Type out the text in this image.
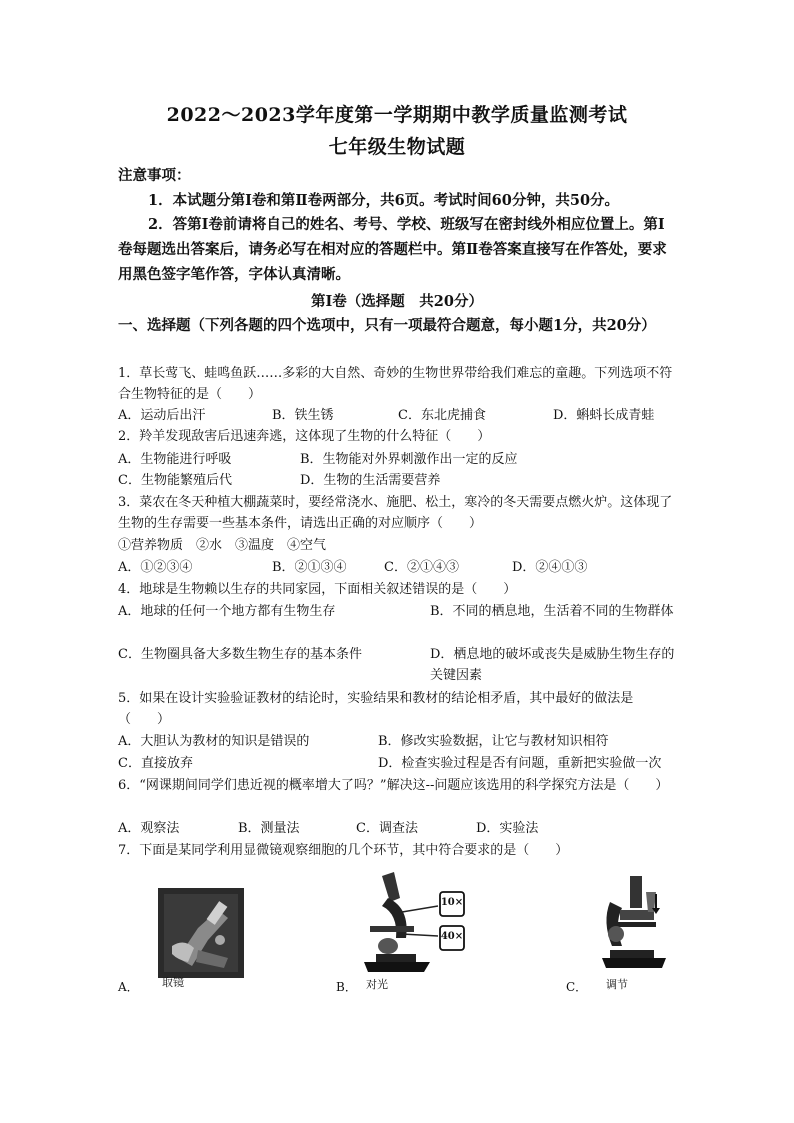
2022～2023学年度第一学期期中教学质量监测考试
七年级生物试题
注意事项：
1．本试题分第Ⅰ卷和第Ⅱ卷两部分，共6页。考试时间60分钟，共50分。
2．答第Ⅰ卷前请将自己的姓名、考号、学校、班级写在密封线外相应位置上。第Ⅰ卷每题选出答案后，请务必写在相对应的答题栏中。第Ⅱ卷答案直接写在作答处，要求用黑色签字笔作答，字体认真清晰。
第Ⅰ卷（选择题　共20分）
一、选择题（下列各题的四个选项中，只有一项最符合题意，每小题1分，共20分）
1．草长莺飞、蛙鸣鱼跃……多彩的大自然、奇妙的生物世界带给我们难忘的童趣。下列选项不符合生物特征的是（　　）
A．运动后出汗	B．铁生锈	C．东北虎捕食	D．蝌蚪长成青蛙
2．羚羊发现敌害后迅速奔逃，这体现了生物的什么特征（　　）
A．生物能进行呼吸	B．生物能对外界刺激作出一定的反应
C．生物能繁殖后代	D．生物的生活需要营养
3．菜农在冬天种植大棚蔬菜时，要经常浇水、施肥、松土，寒冷的冬天需要点燃火炉。这体现了生物的生存需要一些基本条件，请选出正确的对应顺序（　　）
①营养物质　②水　③温度　④空气
A．①②③④	B．②①③④	C．②①④③	D．②④①③
4．地球是生物赖以生存的共同家园，下面相关叙述错误的是（　　）
A．地球的任何一个地方都有生物生存	B．不同的栖息地，生活着不同的生物群体
C．生物圈具备大多数生物生存的基本条件	D．栖息地的破坏或丧失是威胁生物生存的关键因素
5．如果在设计实验验证教材的结论时，实验结果和教材的结论相矛盾，其中最好的做法是（　　）
A．大胆认为教材的知识是错误的	B．修改实验数据，让它与教材知识相符
C．直接放弃	D．检查实验过程是否有问题，重新把实验做一次
6．“网课期间同学们患近视的概率增大了吗？”解决这--问题应该选用的科学探究方法是（　　）
A．观察法	B．测量法	C．调查法	D．实验法
7．下面是某同学利用显微镜观察细胞的几个环节，其中符合要求的是（　　）
A． 取镜	B．
10×
40×
对光	C． 调节
